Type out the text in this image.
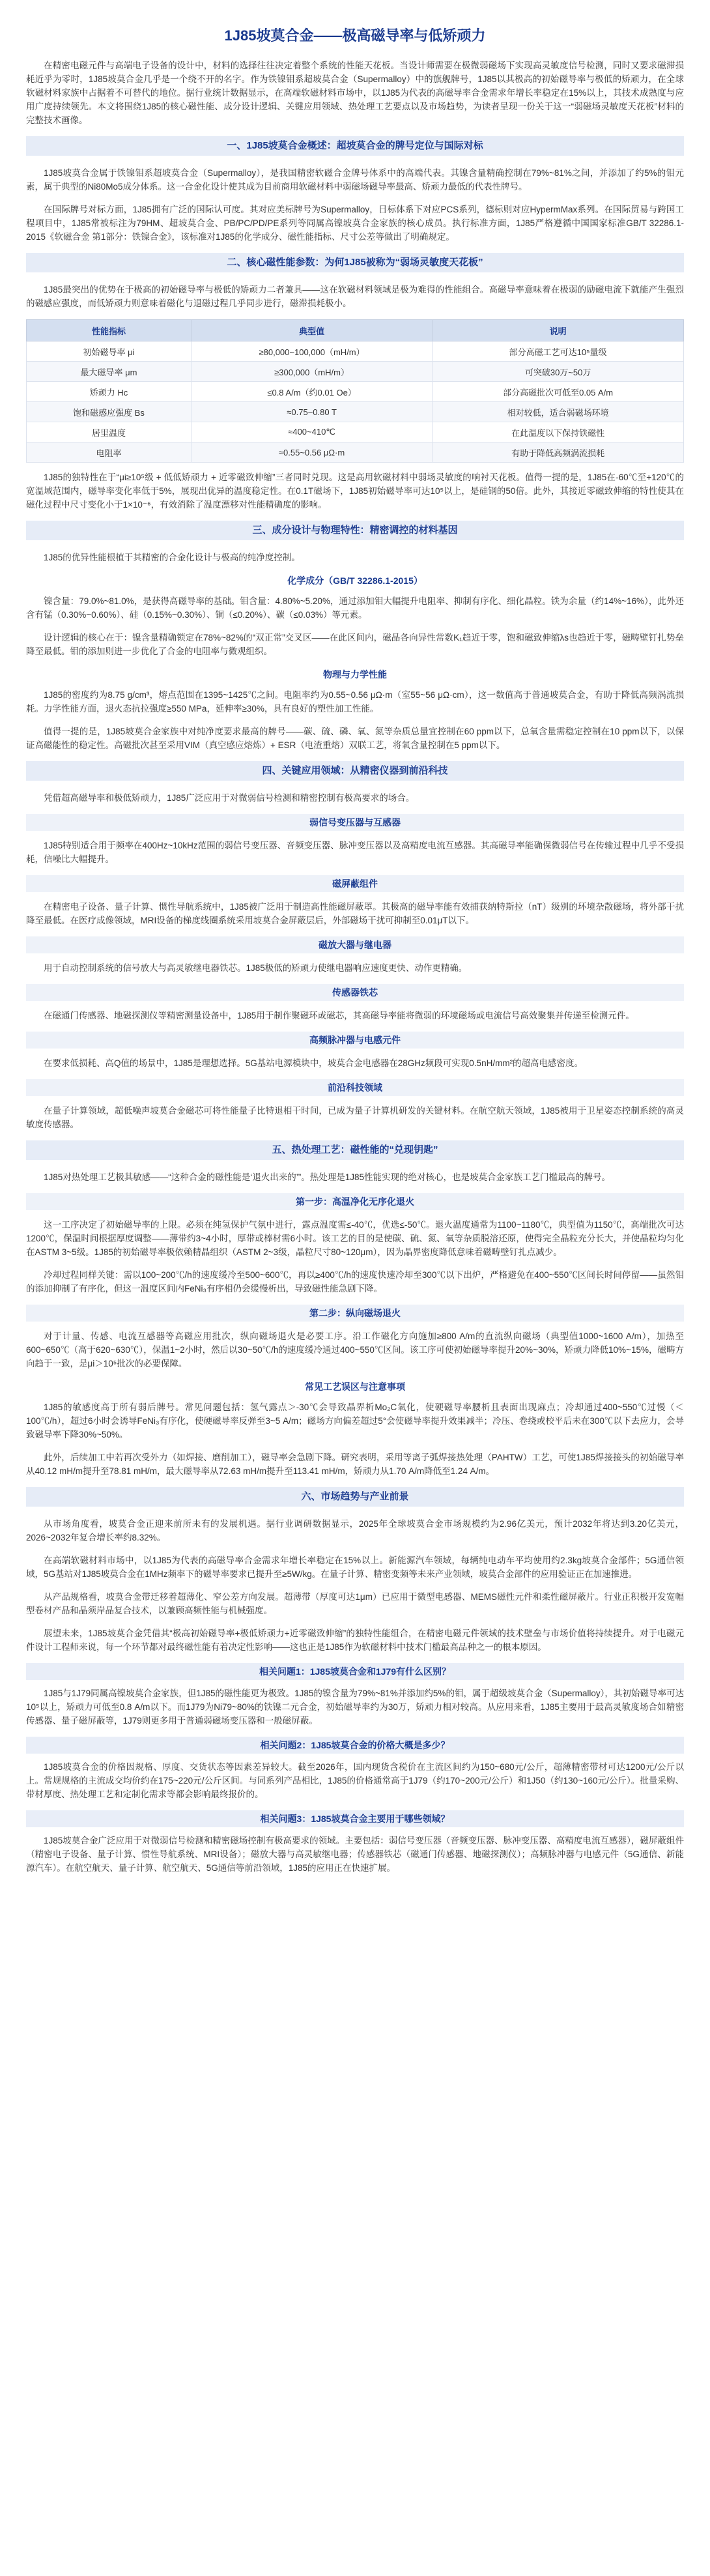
1J85坡莫合金——极高磁导率与低矫顽力

在精密电磁元件与高端电子设备的设计中，材料的选择往往决定着整个系统的性能天花板。当设计师需要在极微弱磁场下实现高灵敏度信号检测，同时又要求磁滞损耗近乎为零时，1J85坡莫合金几乎是一个绕不开的名字。作为铁镍钼系超坡莫合金（Supermalloy）中的旗舰牌号，1J85以其极高的初始磁导率与极低的矫顽力，在全球软磁材料家族中占据着不可替代的地位。据行业统计数据显示，在高端软磁材料市场中，以1J85为代表的高磁导率合金需求年增长率稳定在15%以上，其技术成熟度与应用广度持续领先。本文将围绕1J85的核心磁性能、成分设计逻辑、关键应用领域、热处理工艺要点以及市场趋势，为读者呈现一份关于这一“弱磁场灵敏度天花板”材料的完整技术画像。

一、1J85坡莫合金概述：超坡莫合金的牌号定位与国际对标

1J85坡莫合金属于铁镍钼系超坡莫合金（Supermalloy），是我国精密软磁合金牌号体系中的高端代表。其镍含量精确控制在79%~81%之间，并添加了约5%的钼元素，属于典型的Ni80Mo5成分体系。这一合金化设计使其成为目前商用软磁材料中弱磁场磁导率最高、矫顽力最低的代表性牌号。

在国际牌号对标方面，1J85拥有广泛的国际认可度。其对应美标牌号为Supermalloy，日标体系下对应PCS系列，德标则对应HypermMax系列。在国际贸易与跨国工程项目中，1J85常被标注为79HM、超坡莫合金、PB/PC/PD/PE系列等同属高镍坡莫合金家族的核心成员。执行标准方面，1J85严格遵循中国国家标准GB/T 32286.1-2015《软磁合金 第1部分：铁镍合金》，该标准对1J85的化学成分、磁性能指标、尺寸公差等做出了明确规定。

二、核心磁性能参数：为何1J85被称为“弱场灵敏度天花板”

1J85最突出的优势在于极高的初始磁导率与极低的矫顽力二者兼具——这在软磁材料领域是极为难得的性能组合。高磁导率意味着在极弱的励磁电流下就能产生强烈的磁感应强度，而低矫顽力则意味着磁化与退磁过程几乎同步进行，磁滞损耗极小。

性能指标	典型值	说明
初始磁导率 μi	≥80,000~100,000（mH/m）	部分高磁工艺可达10⁵量级
最大磁导率 μm	≥300,000（mH/m）	可突破30万~50万
矫顽力 Hc	≤0.8 A/m（约0.01 Oe）	部分高磁批次可低至0.05 A/m
饱和磁感应强度 Bs	≈0.75~0.80 T	相对较低，适合弱磁场环境
居里温度	≈400~410℃	在此温度以下保持铁磁性
电阻率	≈0.55~0.56 μΩ·m	有助于降低高频涡流损耗

1J85的独特性在于“μi≥10⁵级 + 低低矫顽力 + 近零磁致伸缩”三者同时兑现。这是高用软磁材料中弱场灵敏度的响衬天花板。值得一提的是，1J85在-60℃至+120℃的宽温域范围内，磁导率变化率低于5%，展现出优异的温度稳定性。在0.1T磁场下，1J85初始磁导率可达10⁵以上，是硅钢的50倍。此外，其接近零磁致伸缩的特性使其在磁化过程中尺寸变化小于1×10⁻⁶，有效消除了温度漂移对性能精确度的影响。

三、成分设计与物理特性：精密调控的材料基因

1J85的优异性能根植于其精密的合金化设计与极高的纯净度控制。

化学成分（GB/T 32286.1-2015）

镍含量：79.0%~81.0%，是获得高磁导率的基础。钼含量：4.80%~5.20%，通过添加钼大幅提升电阻率、抑制有序化、细化晶粒。铁为余量（约14%~16%），此外还含有锰（0.30%~0.60%）、硅（0.15%~0.30%）、铜（≤0.20%）、碳（≤0.03%）等元素。

设计逻辑的核心在于：镍含量精确锁定在78%~82%的“双正常”交叉区——在此区间内，磁晶各向异性常数K₁趋近于零，饱和磁致伸缩λs也趋近于零，磁畴壁钉扎势垒降至最低。钼的添加则进一步优化了合金的电阻率与微观组织。

物理与力学性能

1J85的密度约为8.75 g/cm³，熔点范围在1395~1425℃之间。电阻率约为0.55~0.56 μΩ·m（室55~56 μΩ·cm），这一数值高于普通坡莫合金，有助于降低高频涡流损耗。力学性能方面，退火态抗拉强度≥550 MPa，延伸率≥30%，具有良好的塑性加工性能。

值得一提的是，1J85坡莫合金家族中对纯净度要求最高的牌号——碳、硫、磷、氧、氮等杂质总量宜控制在60 ppm以下，总氧含量需稳定控制在10 ppm以下，以保证高磁能性的稳定性。高磁批次甚至采用VIM（真空感应熔炼）+ ESR（电渣重熔）双联工艺，将氧含量控制在5 ppm以下。

四、关键应用领域：从精密仪器到前沿科技

凭借超高磁导率和极低矫顽力，1J85广泛应用于对微弱信号检测和精密控制有极高要求的场合。

弱信号变压器与互感器

1J85特别适合用于频率在400Hz~10kHz范围的弱信号变压器、音频变压器、脉冲变压器以及高精度电流互感器。其高磁导率能确保微弱信号在传输过程中几乎不受损耗，信噪比大幅提升。

磁屏蔽组件

在精密电子设备、量子计算、惯性导航系统中，1J85被广泛用于制造高性能磁屏蔽罩。其极高的磁导率能有效捕获纳特斯拉（nT）级别的环境杂散磁场，将外部干扰降至最低。在医疗成像领域，MRI设备的梯度线圈系统采用坡莫合金屏蔽层后，外部磁场干扰可抑制至0.01μT以下。

磁放大器与继电器

用于自动控制系统的信号放大与高灵敏继电器铁芯。1J85极低的矫顽力使继电器响应速度更快、动作更精确。

传感器铁芯

在磁通门传感器、地磁探测仪等精密测量设备中，1J85用于制作聚磁环或磁芯，其高磁导率能将微弱的环境磁场或电流信号高效聚集并传递至检测元件。

高频脉冲器与电感元件

在要求低损耗、高Q值的场景中，1J85是理想选择。5G基站电源模块中，坡莫合金电感器在28GHz频段可实现0.5nH/mm²的超高电感密度。

前沿科技领域

在量子计算领域，超低噪声坡莫合金磁芯可将性能量子比特退相干时间，已成为量子计算机研发的关键材料。在航空航天领域，1J85被用于卫星姿态控制系统的高灵敏度传感器。

五、热处理工艺：磁性能的“兑现钥匙”

1J85对热处理工艺极其敏感——“这种合金的磁性能是‘退火出来的’”。热处理是1J85性能实现的绝对核心，也是坡莫合金家族工艺门槛最高的牌号。

第一步：高温净化无序化退火

这一工序决定了初始磁导率的上限。必须在纯氢保护气氛中进行，露点温度需≤-40℃，优选≤-50℃。退火温度通常为1100~1180℃，典型值为1150℃，高端批次可达1200℃，保温时间根据厚度调整——薄带约3~4小时，厚带或棒材需6小时。该工艺的目的是使碳、硫、氮、氧等杂质脱溶还原，使得完全晶粒充分长大，并使晶粒均匀化在ASTM 3~5级。1J85的初始磁导率极依赖精晶组织（ASTM 2~3级，晶粒尺寸80~120μm），因为晶界密度降低意味着磁畴壁钉扎点减少。

冷却过程同样关键：需以100~200℃/h的速度缓冷至500~600℃，再以≥400℃/h的速度快速冷却至300℃以下出炉，严格避免在400~550℃区间长时间停留——虽然钼的添加抑制了有序化，但这一温度区间内FeNi₃有序相仍会缓慢析出，导致磁性能急剧下降。

第二步：纵向磁场退火

对于计量、传感、电流互感器等高磁应用批次，纵向磁场退火是必要工序。沿工作磁化方向施加≥800 A/m的直流纵向磁场（典型值1000~1600 A/m），加热至600~650℃（高于620~630℃），保温1~2小时，然后以30~50℃/h的速度缓冷通过400~550℃区间。该工序可使初始磁导率提升20%~30%，矫顽力降低10%~15%，磁畴方向趋于一致，是μi＞10⁵批次的必要保障。

常见工艺误区与注意事项

1J85的敏感度高于所有弱后牌号。常见问题包括：氢气露点＞-30℃会导致晶界析Mo₂C氧化，使硬磁导率腰析且表面出现麻点；冷却通过400~550℃过慢（＜100℃/h），超过6小时会诱导FeNi₃有序化，使硬磁导率反弹至3~5 A/m；磁场方向偏差超过5°会使磁导率提升效果减半；冷压、卷绕或校平后未在300℃以下去应力，会导致磁导率下降30%~50%。

此外，后续加工中若再次受外力（如焊接、磨削加工），磁导率会急剧下降。研究表明，采用等离子弧焊接热处理（PAHTW）工艺，可使1J85焊接接头的初始磁导率从40.12 mH/m提升至78.81 mH/m，最大磁导率从72.63 mH/m提升至113.41 mH/m，矫顽力从1.70 A/m降低至1.24 A/m。

六、市场趋势与产业前景

从市场角度看，坡莫合金正迎来前所未有的发展机遇。据行业调研数据显示，2025年全球坡莫合金市场规模约为2.96亿美元，预计2032年将达到3.20亿美元，2026~2032年复合增长率约8.32%。

在高端软磁材料市场中，以1J85为代表的高磁导率合金需求年增长率稳定在15%以上。新能源汽车领域，每辆纯电动车平均使用约2.3kg坡莫合金部件；5G通信领域，5G基站对1J85坡莫合金在1MHz频率下的磁导率要求已提升至≥5W/kg。在量子计算、精密变频等未来产业领域，坡莫合金部件的应用验证正在加速推进。

从产品规格看，坡莫合金带迁移着超薄化、窄公差方向发展。超薄带（厚度可达1μm）已应用于微型电感器、MEMS磁性元件和柔性磁屏蔽片。行业正积极开发宽幅型卷材产品和晶须岸晶复合技术，以兼顾高频性能与机械强度。

展望未来，1J85坡莫合金凭借其“极高初始磁导率+极低矫顽力+近零磁致伸缩”的独特性能组合，在精密电磁元件领域的技术壁垒与市场价值将持续提升。对于电磁元件设计工程师来说，每一个环节都对最终磁性能有着决定性影响——这也正是1J85作为软磁材料中技术门槛最高品种之一的根本原因。

相关问题1：1J85坡莫合金和1J79有什么区别？

1J85与1J79同属高镍坡莫合金家族，但1J85的磁性能更为极致。1J85的镍含量为79%~81%并添加约5%的钼，属于超级坡莫合金（Supermalloy），其初始磁导率可达10⁵以上，矫顽力可低至0.8 A/m以下。而1J79为Ni79~80%的铁镍二元合金，初始磁导率约为30万，矫顽力相对较高。从应用来看，1J85主要用于最高灵敏度场合如精密传感器、量子磁屏蔽等，1J79则更多用于普通弱磁场变压器和一般磁屏蔽。

相关问题2：1J85坡莫合金的价格大概是多少？

1J85坡莫合金的价格因规格、厚度、交货状态等因素差异较大。截至2026年，国内现货含税价在主流区间约为150~680元/公斤，超薄精密带材可达1200元/公斤以上。常规规格的主流成交均价约在175~220元/公斤区间。与同系列产品相比，1J85的价格通常高于1J79（约170~200元/公斤）和1J50（约130~160元/公斤）。批量采购、带材厚度、热处理工艺和定制化需求等都会影响最终报价的。

相关问题3：1J85坡莫合金主要用于哪些领域？

1J85坡莫合金广泛应用于对微弱信号检测和精密磁场控制有极高要求的领域。主要包括：弱信号变压器（音频变压器、脉冲变压器、高精度电流互感器），磁屏蔽组件（精密电子设备、量子计算、惯性导航系统、MRI设备）；磁放大器与高灵敏继电器；传感器铁芯（磁通门传感器、地磁探测仪）；高频脉冲器与电感元件（5G通信、新能源汽车）。在航空航天、量子计算、航空航天、5G通信等前沿领域，1J85的应用正在快速扩展。
